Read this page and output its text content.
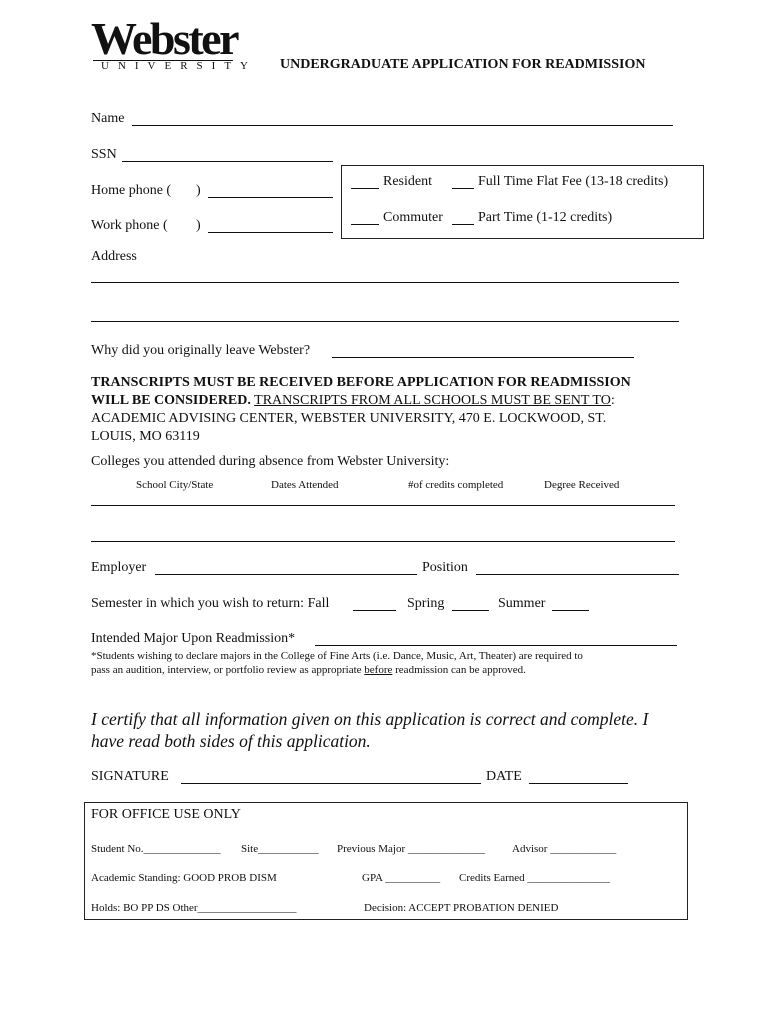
Webster
UNIVERSITY UNDERGRADUATE APPLICATION FOR READMISSION
Name
SSN
Home phone ( )
Work phone ( )
Resident	Full Time Flat Fee (13-18 credits)
Commuter	Part Time (1-12 credits)
Address
Why did you originally leave Webster?
TRANSCRIPTS MUST BE RECEIVED BEFORE APPLICATION FOR READMISSION
WILL BE CONSIDERED. TRANSCRIPTS FROM ALL SCHOOLS MUST BE SENT TO:
ACADEMIC ADVISING CENTER, WEBSTER UNIVERSITY, 470 E. LOCKWOOD, ST.
LOUIS, MO 63119
Colleges you attended during absence from Webster University:
School City/State	Dates Attended	#of credits completed	Degree Received
Employer	Position
Semester in which you wish to return: Fall	Spring	Summer
Intended Major Upon Readmission*
*Students wishing to declare majors in the College of Fine Arts (i.e. Dance, Music, Art, Theater) are required to
pass an audition, interview, or portfolio review as appropriate before readmission can be approved.
I certify that all information given on this application is correct and complete. I
have read both sides of this application.
SIGNATURE	DATE
FOR OFFICE USE ONLY
Student No.______________ Site___________ Previous Major ______________ Advisor ____________
Academic Standing: GOOD PROB DISM	GPA __________ Credits Earned _______________
Holds: BO PP DS Other__________________	Decision: ACCEPT PROBATION DENIED
